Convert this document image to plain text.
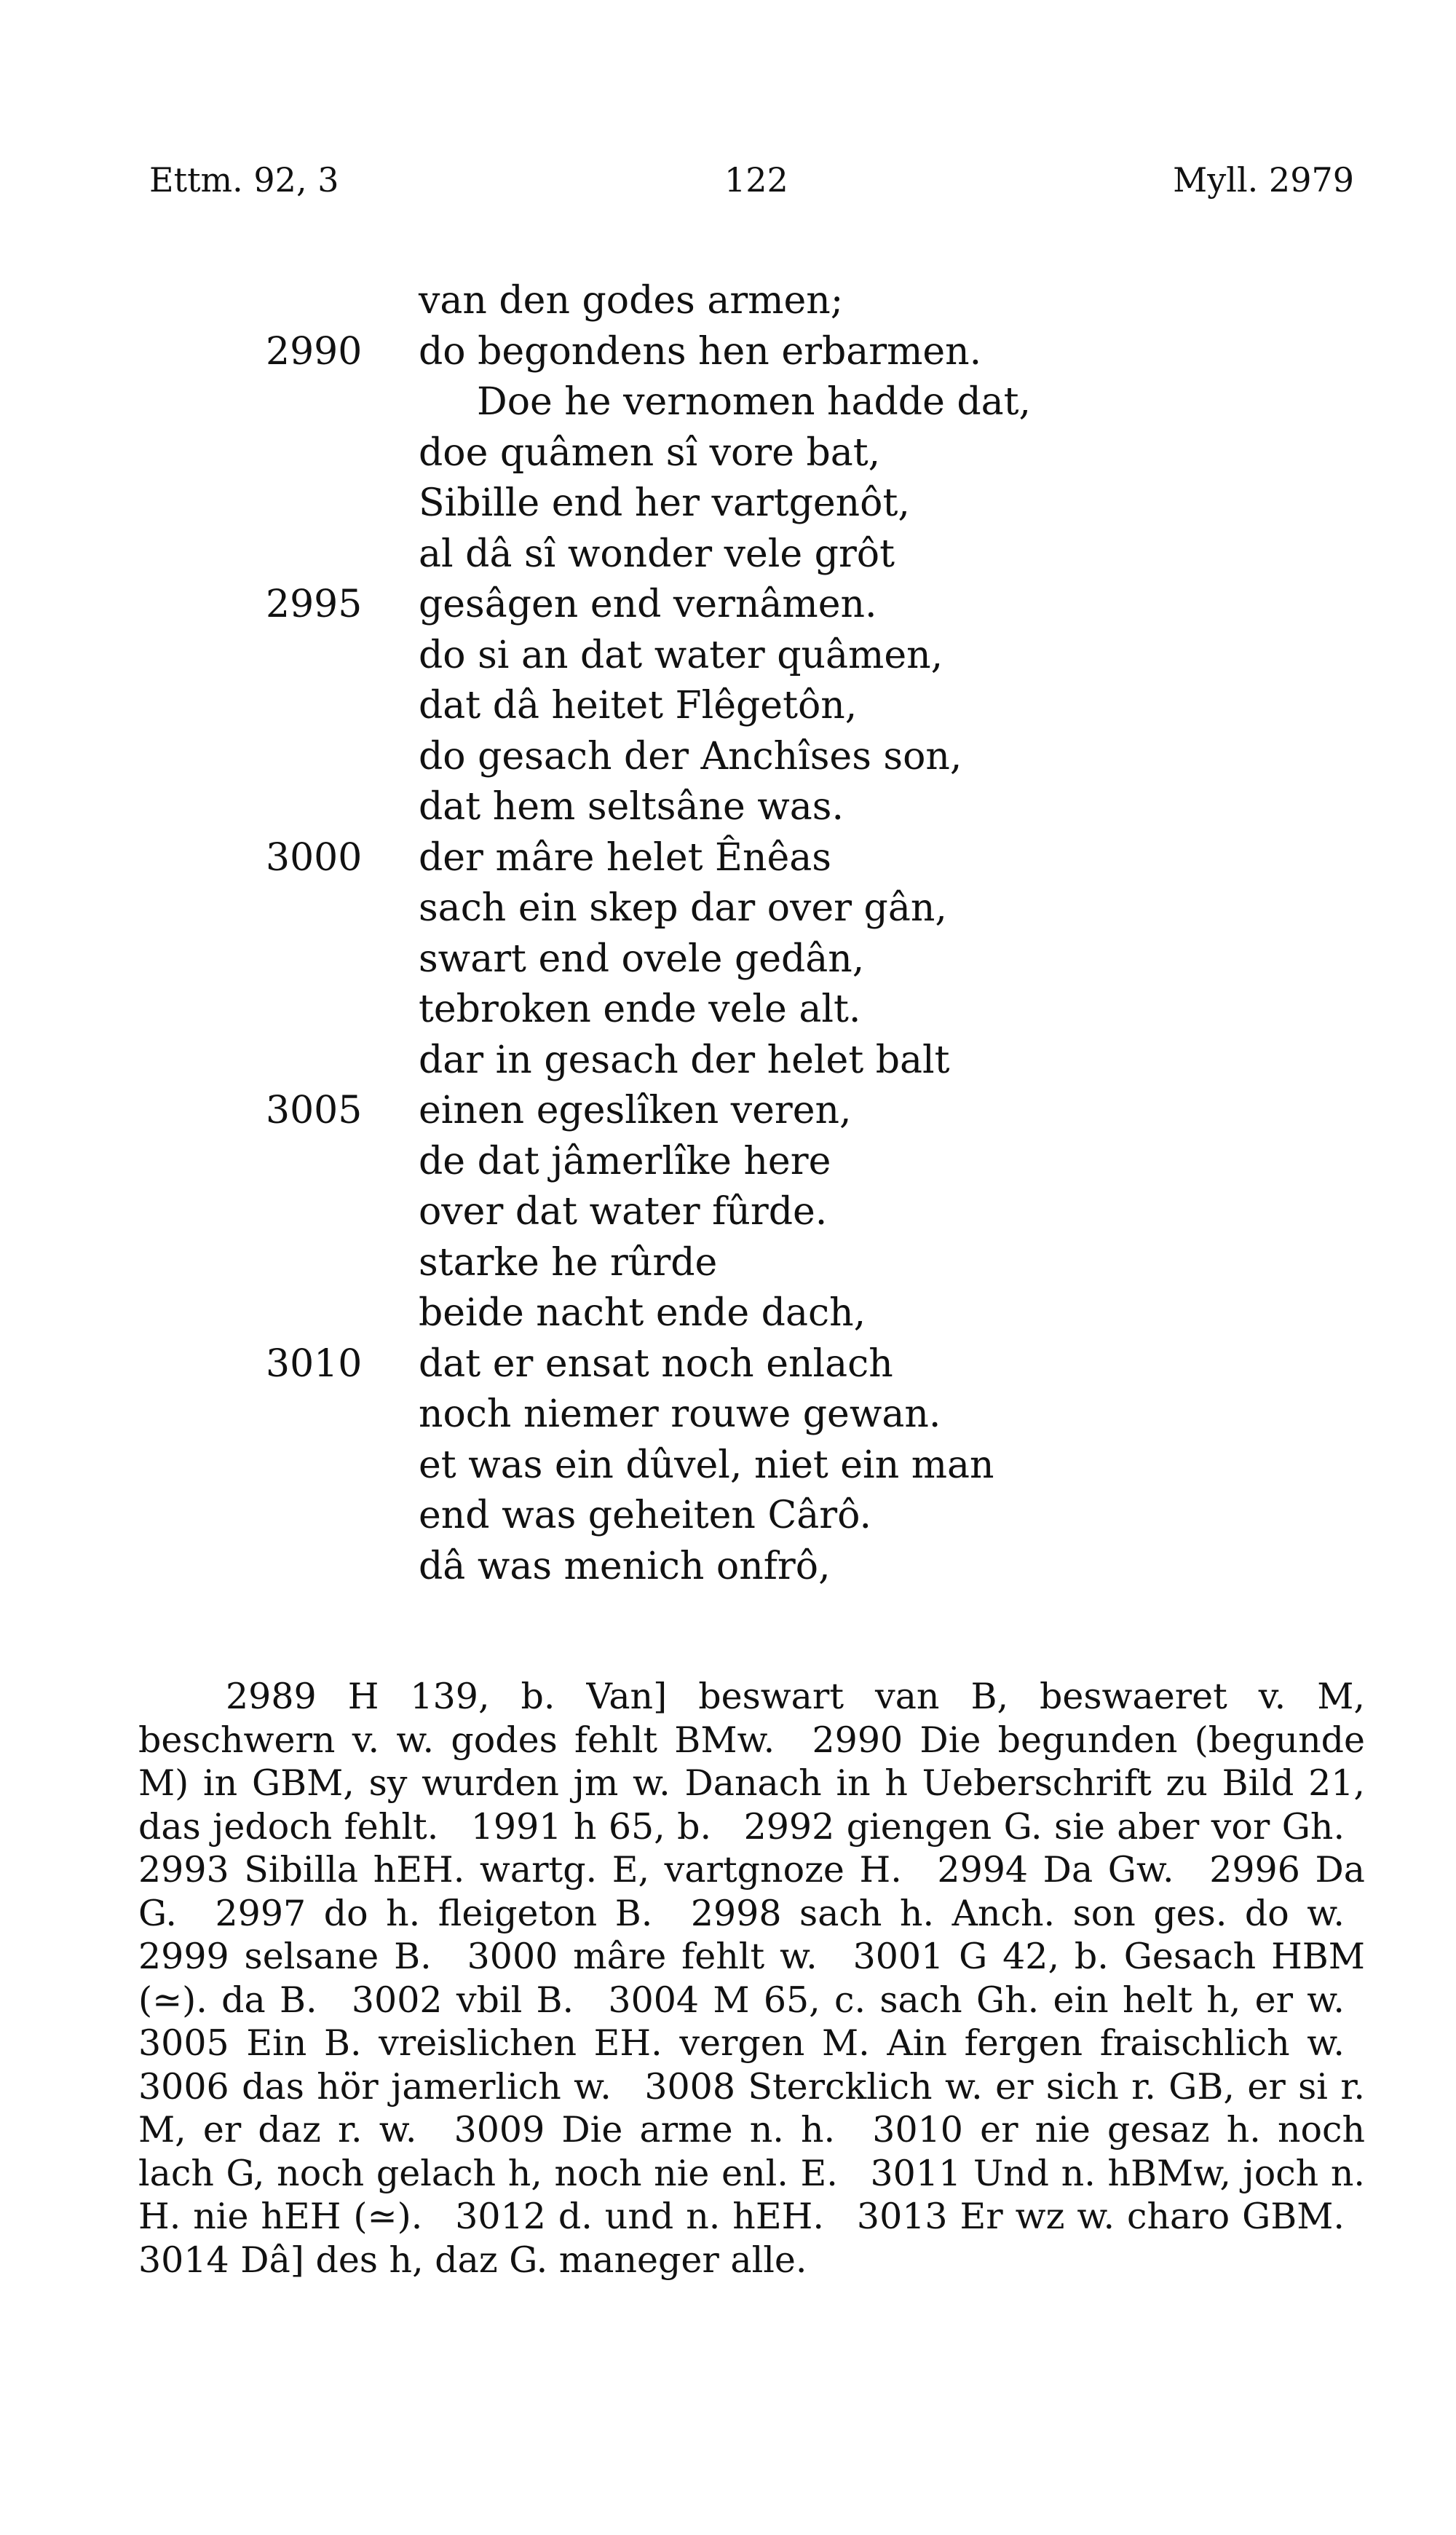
Ettm. 92, 3	122	Myll. 2979
van den godes armen;
2990 do begondens hen erbarmen.
Doe he vernomen hadde dat,
doe quâmen sî vore bat,
Sibille end her vartgenôt,
al dâ sî wonder vele grôt
2995 gesâgen end vernâmen.
do si an dat water quâmen,
dat dâ heitet Flêgetôn,
do gesach der Anchîses son,
dat hem seltsâne was.
3000 der mâre helet Ênêas
sach ein skep dar over gân,
swart end ovele gedân,
tebroken ende vele alt.
dar in gesach der helet balt
3005 einen egeslîken veren,
de dat jâmerlîke here
over dat water fûrde.
starke he rûrde
beide nacht ende dach,
3010 dat er ensat noch enlach
noch niemer rouwe gewan.
et was ein dûvel, niet ein man
end was geheiten Cârô.
dâ was menich onfrô,

2989 H 139, b. Van] beswart van B, beswaeret v. M, beschwern v. w. godes fehlt BMw. 2990 Die begunden (begunde M) in GBM, sy wurden jm w. Danach in h Ueberschrift zu Bild 21, das jedoch fehlt. 1991 h 65, b. 2992 giengen G. sie aber vor Gh. 2993 Sibilla hEH. wartg. E, vartgnoze H. 2994 Da Gw. 2996 Da G. 2997 do h. fleigeton B. 2998 sach h. Anch. son ges. do w. 2999 selsane B. 3000 mâre fehlt w. 3001 G 42, b. Gesach HBM (≃). da B. 3002 vbil B. 3004 M 65, c. sach Gh. ein helt h, er w. 3005 Ein B. vreislichen EH. vergen M. Ain fergen fraischlich w. 3006 das hör jamerlich w. 3008 Stercklich w. er sich r. GB, er si r. M, er daz r. w. 3009 Die arme n. h. 3010 er nie gesaz h. noch lach G, noch gelach h, noch nie enl. E. 3011 Und n. hBMw, joch n. H. nie hEH (≃). 3012 d. und n. hEH. 3013 Er wz w. charo GBM. 3014 Dâ] des h, daz G. maneger alle.
